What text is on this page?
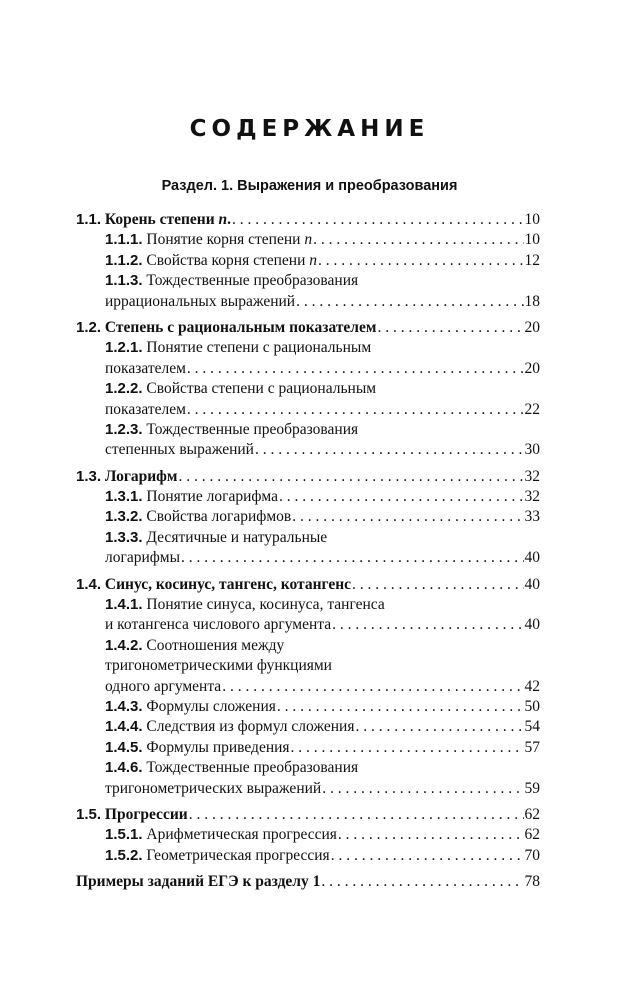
СОДЕРЖАНИЕ
Раздел. 1. Выражения и преобразования
1.1. Корень степени n. . . .	10
1.1.1. Понятие корня степени n . . .	10
1.1.2. Свойства корня степени n . . .	12
1.1.3. Тождественные преобразования
иррациональных выражений . . .	18
1.2. Степень с рациональным показателем . . .	20
1.2.1. Понятие степени с рациональным
показателем . . .	20
1.2.2. Свойства степени с рациональным
показателем . . .	22
1.2.3. Тождественные преобразования
степенных выражений . . .	30
1.3. Логарифм . . .	32
1.3.1. Понятие логарифма . . .	32
1.3.2. Свойства логарифмов . . .	33
1.3.3. Десятичные и натуральные
логарифмы . . .	40
1.4. Синус, косинус, тангенс, котангенс . . .	40
1.4.1. Понятие синуса, косинуса, тангенса
и котангенса числового аргумента . . .	40
1.4.2. Соотношения между
тригонометрическими функциями
одного аргумента . . .	42
1.4.3. Формулы сложения . . .	50
1.4.4. Следствия из формул сложения . . .	54
1.4.5. Формулы приведения . . .	57
1.4.6. Тождественные преобразования
тригонометрических выражений . . .	59
1.5. Прогрессии . . .	62
1.5.1. Арифметическая прогрессия . . .	62
1.5.2. Геометрическая прогрессия . . .	70
Примеры заданий ЕГЭ к разделу 1 . . .	78
